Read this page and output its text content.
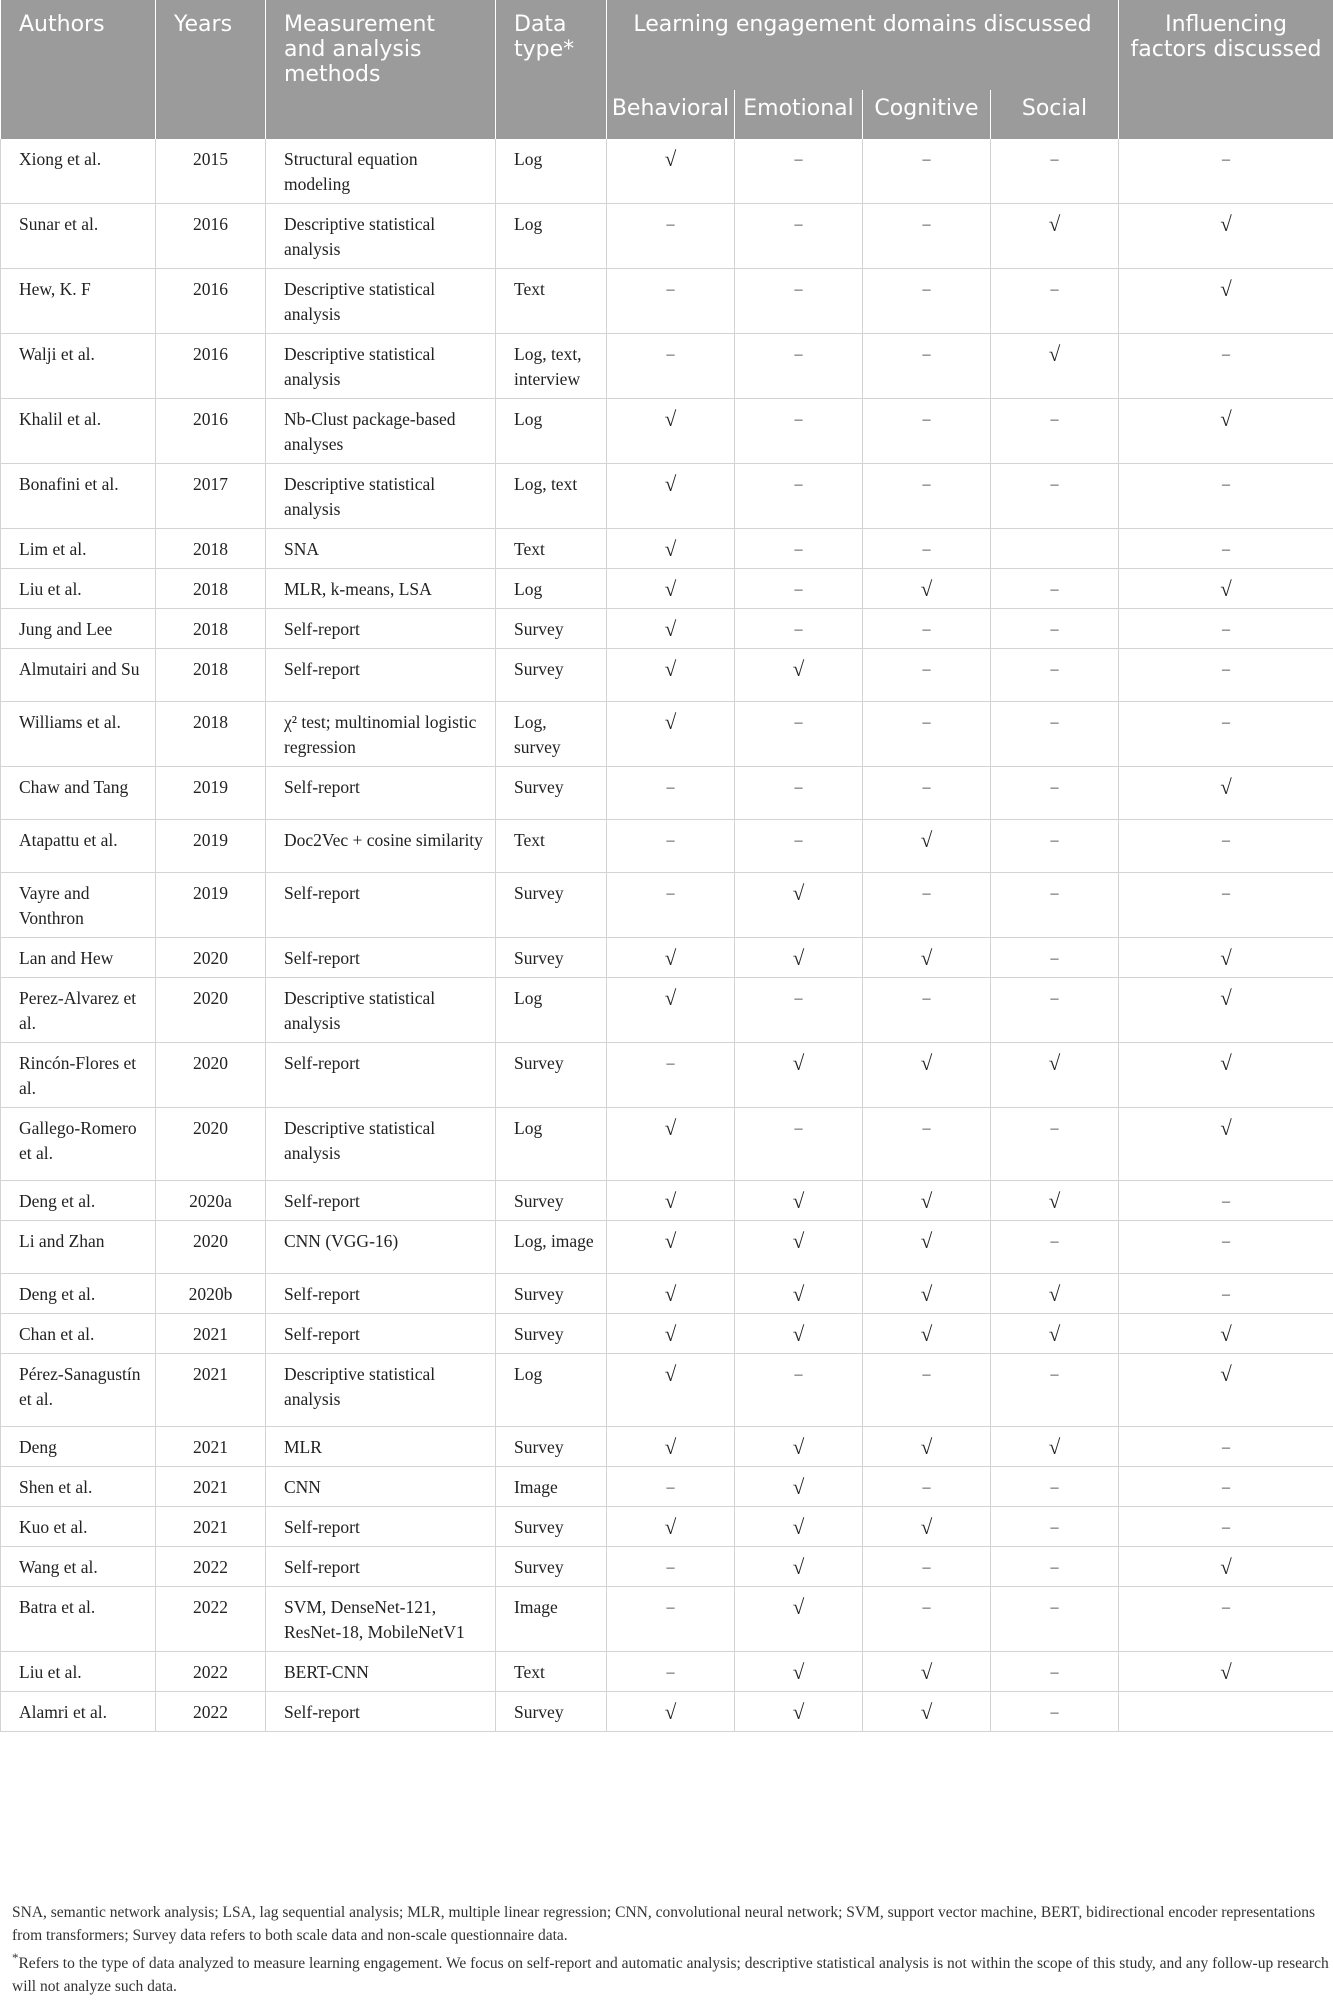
Authors	Years	Measurement and analysis methods	Data type*	Learning engagement domains discussed				Influencing factors discussed
				Behavioral	Emotional	Cognitive	Social	
Xiong et al.	2015	Structural equation modeling	Log	√	–	–	–	–
Sunar et al.	2016	Descriptive statistical analysis	Log	–	–	–	√	√
Hew, K. F	2016	Descriptive statistical analysis	Text	–	–	–	–	√
Walji et al.	2016	Descriptive statistical analysis	Log, text, interview	–	–	–	√	–
Khalil et al.	2016	Nb-Clust package-based analyses	Log	√	–	–	–	√
Bonafini et al.	2017	Descriptive statistical analysis	Log, text	√	–	–	–	–
Lim et al.	2018	SNA	Text	√	–	–		–
Liu et al.	2018	MLR, k-means, LSA	Log	√	–	√	–	√
Jung and Lee	2018	Self-report	Survey	√	–	–	–	–
Almutairi and Su	2018	Self-report	Survey	√	√	–	–	–
Williams et al.	2018	χ² test; multinomial logistic regression	Log, survey	√	–	–	–	–
Chaw and Tang	2019	Self-report	Survey	–	–	–	–	√
Atapattu et al.	2019	Doc2Vec + cosine similarity	Text	–	–	√	–	–
Vayre and Vonthron	2019	Self-report	Survey	–	√	–	–	–
Lan and Hew	2020	Self-report	Survey	√	√	√	–	√
Perez-Alvarez et al.	2020	Descriptive statistical analysis	Log	√	–	–	–	√
Rincón-Flores et al.	2020	Self-report	Survey	–	√	√	√	√
Gallego-Romero et al.	2020	Descriptive statistical analysis	Log	√	–	–	–	√
Deng et al.	2020a	Self-report	Survey	√	√	√	√	–
Li and Zhan	2020	CNN (VGG-16)	Log, image	√	√	√	–	–
Deng et al.	2020b	Self-report	Survey	√	√	√	√	–
Chan et al.	2021	Self-report	Survey	√	√	√	√	√
Pérez-Sanagustín et al.	2021	Descriptive statistical analysis	Log	√	–	–	–	√
Deng	2021	MLR	Survey	√	√	√	√	–
Shen et al.	2021	CNN	Image	–	√	–	–	–
Kuo et al.	2021	Self-report	Survey	√	√	√	–	–
Wang et al.	2022	Self-report	Survey	–	√	–	–	√
Batra et al.	2022	SVM, DenseNet-121, ResNet-18, MobileNetV1	Image	–	√	–	–	–
Liu et al.	2022	BERT-CNN	Text	–	√	√	–	√
Alamri et al.	2022	Self-report	Survey	√	√	√	–	

SNA, semantic network analysis; LSA, lag sequential analysis; MLR, multiple linear regression; CNN, convolutional neural network; SVM, support vector machine, BERT, bidirectional encoder representations from transformers; Survey data refers to both scale data and non-scale questionnaire data.

*Refers to the type of data analyzed to measure learning engagement. We focus on self-report and automatic analysis; descriptive statistical analysis is not within the scope of this study, and any follow-up research will not analyze such data.
